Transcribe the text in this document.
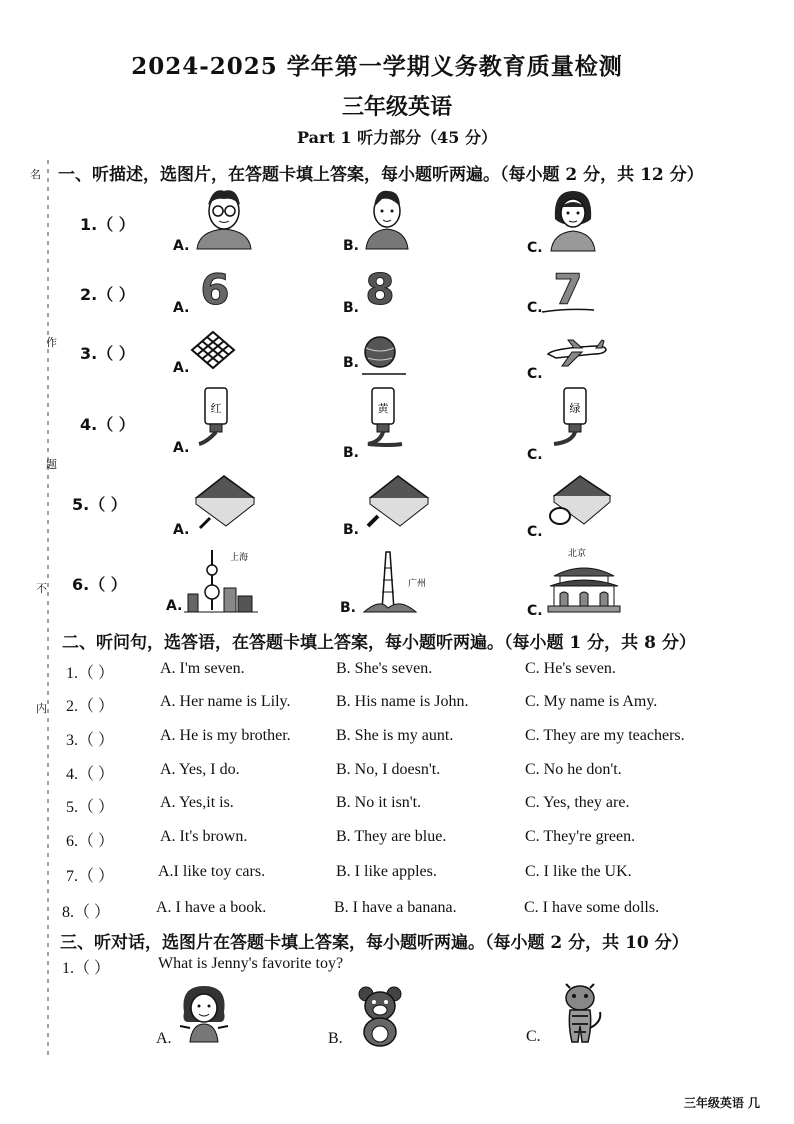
名
作
题
不
内
2024-2025 学年第一学期义务教育质量检测
三年级英语
Part 1 听力部分（45 分）
一、听描述，选图片，在答题卡填上答案，每小题听两遍。（每小题 2 分，共 12 分）
1.（ ）
A.	B.	C.
2.（ ）
A. 6	B. 8	C. 7
3.（ ）
A.	B.
C.
4.（ ）
A.
红
B.
黄
C.
绿
5.（ ）
A.	B.	C.
6.（ ）
A.
上海
B.
广州
C.
北京
二、听问句，选答语，在答题卡填上答案，每小题听两遍。（每小题 1 分，共 8 分）
1.（ ）	A. I'm seven.	B. She's seven.	C. He's seven.
2.（ ）	A. Her name is Lily.	B. His name is John.	C. My name is Amy.
3.（ ）	A. He is my brother.	B. She is my aunt.	C. They are my teachers.
4.（ ）	A. Yes, I do.	B. No, I doesn't.	C. No he don't.
5.（ ）	A. Yes,it is.	B. No it isn't.	C. Yes, they are.
6.（ ）	A. It's brown.	B. They are blue.	C. They're green.
7.（ ）	A.I like toy cars.	B. I like apples.	C. I like the UK.
8.（ ）	A. I have a book.	B. I have a banana.	C. I have some dolls.
三、听对话，选图片在答题卡填上答案，每小题听两遍。（每小题 2 分，共 10 分）
1.（ ）	What is Jenny's favorite toy?
A.	B.	C.
三年级英语 几
